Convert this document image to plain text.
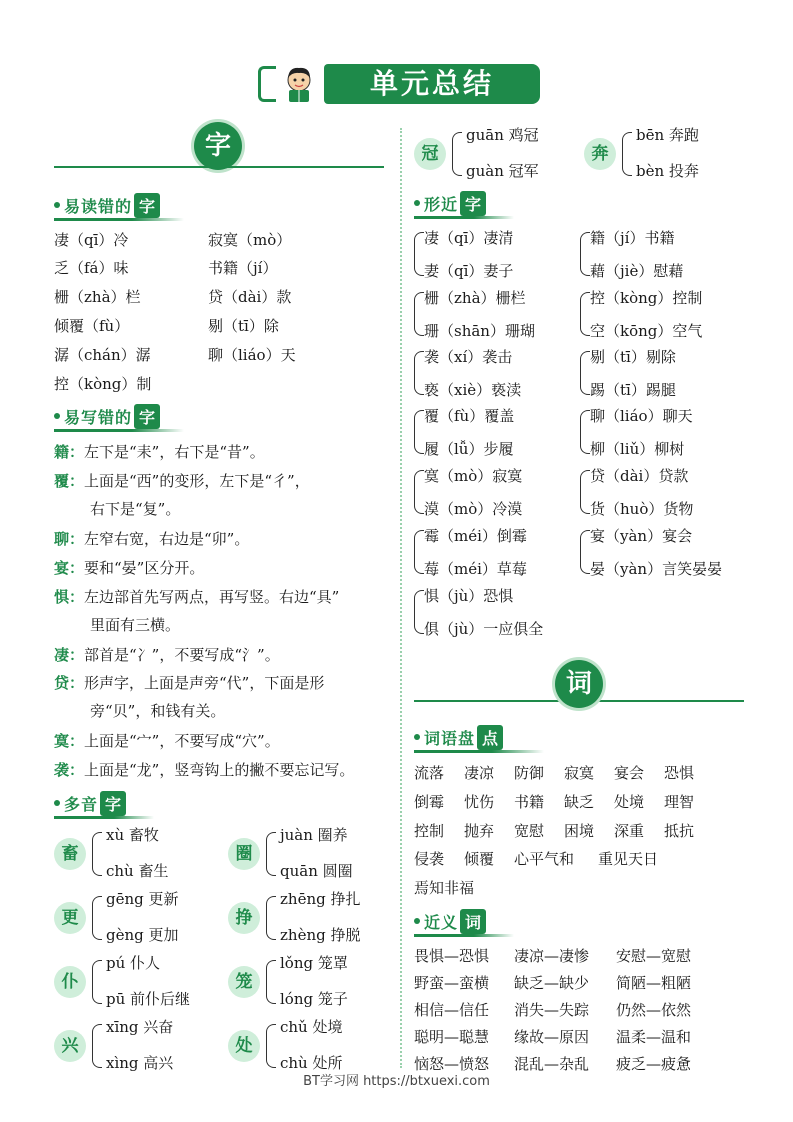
单元总结
字
易读错的 字
凄（qī）冷	寂寞（mò）
乏（fá）味	书籍（jí）
栅（zhà）栏	贷（dài）款
倾覆（fù）	剔（tī）除
潺（chán）潺	聊（liáo）天
控（kòng）制
易写错的 字
籍：左下是“耒”，右下是“昔”。
覆：上面是“西”的变形，左下是“彳”，
右下是“复”。
聊：左窄右宽，右边是“卯”。
宴：要和“晏”区分开。
惧：左边部首先写两点，再写竖。右边“具”
里面有三横。
凄：部首是“冫”，不要写成“氵”。
贷：形声字，上面是声旁“代”，下面是形
旁“贝”，和钱有关。
寞：上面是“宀”，不要写成“穴”。
袭：上面是“龙”，竖弯钩上的撇不要忘记写。
多音 字
畜
xù 畜牧
chù 畜生
圈
juàn 圈养
quān 圆圈
更
gēng 更新
gèng 更加
挣
zhēng 挣扎
zhèng 挣脱
仆
pú 仆人
pū 前仆后继
笼
lǒng 笼罩
lóng 笼子
兴
xīng 兴奋
xìng 高兴
处
chǔ 处境
chù 处所
冠
guān 鸡冠
guàn 冠军
奔
bēn 奔跑
bèn 投奔
形近 字
凄（qī）凄清
妻（qī）妻子
籍（jí）书籍
藉（jiè）慰藉
栅（zhà）栅栏
珊（shān）珊瑚
控（kòng）控制
空（kōng）空气
袭（xí）袭击
亵（xiè）亵渎
剔（tī）剔除
踢（tī）踢腿
覆（fù）覆盖
履（lǚ）步履
聊（liáo）聊天
柳（liǔ）柳树
寞（mò）寂寞
漠（mò）冷漠
贷（dài）贷款
货（huò）货物
霉（méi）倒霉
莓（méi）草莓
宴（yàn）宴会
晏（yàn）言笑晏晏
惧（jù）恐惧
俱（jù）一应俱全
词
词语盘 点
流落 凄凉 防御 寂寞 宴会 恐惧
倒霉 忧伤 书籍 缺乏 处境 理智
控制 抛弃 宽慰 困境 深重 抵抗
侵袭 倾覆 心平气和 重见天日
焉知非福
近义 词
畏惧—恐惧 凄凉—凄惨 安慰—宽慰
野蛮—蛮横 缺乏—缺少 简陋—粗陋
相信—信任 消失—失踪 仍然—依然
聪明—聪慧 缘故—原因 温柔—温和
恼怒—愤怒 混乱—杂乱 疲乏—疲惫
BT学习网 https://btxuexi.com
